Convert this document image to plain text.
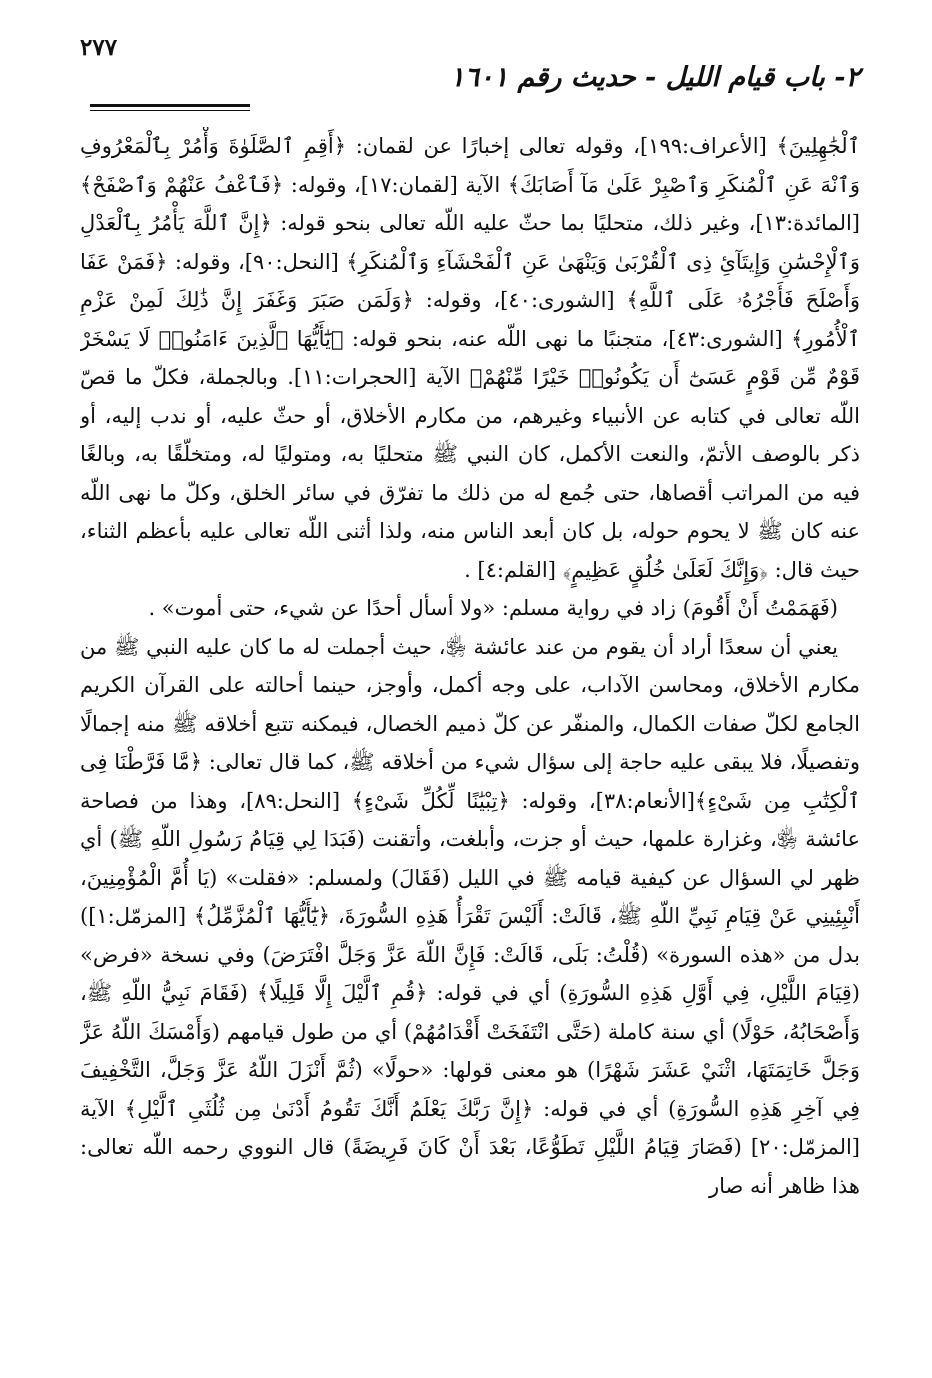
٢- باب قيام الليل - حديث رقم ١٦٠١
٢٧٧

ٱلْجَٰهِلِينَ﴾ [الأعراف:١٩٩]، وقوله تعالى إخبارًا عن لقمان: ﴿أَقِمِ ٱلصَّلَوٰةَ وَأْمُرْ بِٱلْمَعْرُوفِ وَٱنْهَ عَنِ ٱلْمُنكَرِ وَٱصْبِرْ عَلَىٰ مَآ أَصَابَكَ﴾ الآية [لقمان:١٧]، وقوله: ﴿فَٱعْفُ عَنْهُمْ وَٱصْفَحْ﴾ [المائدة:١٣]، وغير ذلك، متحليًا بما حثّ عليه اللّه تعالى بنحو قوله: ﴿إِنَّ ٱللَّهَ يَأْمُرُ بِٱلْعَدْلِ وَٱلْإِحْسَٰنِ وَإِيتَآئِ ذِى ٱلْقُرْبَىٰ وَيَنْهَىٰ عَنِ ٱلْفَحْشَآءِ وَٱلْمُنكَرِ﴾ [النحل:٩٠]، وقوله: ﴿فَمَنْ عَفَا وَأَصْلَحَ فَأَجْرُهُۥ عَلَى ٱللَّهِ﴾ [الشورى:٤٠]، وقوله: ﴿وَلَمَن صَبَرَ وَغَفَرَ إِنَّ ذَٰلِكَ لَمِنْ عَزْمِ ٱلْأُمُورِ﴾ [الشورى:٤٣]، متجنبًا ما نهى اللّه عنه، بنحو قوله: ﴿يَٰٓأَيُّهَا ٱلَّذِينَ ءَامَنُوا۟ لَا يَسْخَرْ قَوْمٌ مِّن قَوْمٍ عَسَىٰٓ أَن يَكُونُوا۟ خَيْرًا مِّنْهُمْ﴾ الآية [الحجرات:١١]. وبالجملة، فكلّ ما قصّ اللّه تعالى في كتابه عن الأنبياء وغيرهم، من مكارم الأخلاق، أو حثّ عليه، أو ندب إليه، أو ذكر بالوصف الأتمّ، والنعت الأكمل، كان النبي ﷺ متحليًا به، ومتوليًا له، ومتخلّقًا به، وبالغًا فيه من المراتب أقصاها، حتى جُمع له من ذلك ما تفرّق في سائر الخلق، وكلّ ما نهى اللّه عنه كان ﷺ لا يحوم حوله، بل كان أبعد الناس منه، ولذا أثنى اللّه تعالى عليه بأعظم الثناء، حيث قال: ﴿وَإِنَّكَ لَعَلَىٰ خُلُقٍ عَظِيمٍ﴾ [القلم:٤] .

(فَهَمَمْتُ أَنْ أَقُومَ) زاد في رواية مسلم: «ولا أسأل أحدًا عن شيء، حتى أموت» .

يعني أن سعدًا أراد أن يقوم من عند عائشة ﵂، حيث أجملت له ما كان عليه النبي ﷺ من مكارم الأخلاق، ومحاسن الآداب، على وجه أكمل، وأوجز، حينما أحالته على القرآن الكريم الجامع لكلّ صفات الكمال، والمنفّر عن كلّ ذميم الخصال، فيمكنه تتبع أخلاقه ﷺ منه إجمالًا وتفصيلًا، فلا يبقى عليه حاجة إلى سؤال شيء من أخلاقه ﷺ، كما قال تعالى: ﴿مَّا فَرَّطْنَا فِى ٱلْكِتَٰبِ مِن شَىْءٍ﴾[الأنعام:٣٨]، وقوله: ﴿تِبْيَٰنًا لِّكُلِّ شَىْءٍ﴾ [النحل:٨٩]، وهذا من فصاحة عائشة ﵂، وغزارة علمها، حيث أو جزت، وأبلغت، وأتقنت (فَبَدَا لِي قِيَامُ رَسُولِ اللّهِ ﷺ) أي ظهر لي السؤال عن كيفية قيامه ﷺ في الليل (فَقَالَ) ولمسلم: «فقلت» (يَا أُمَّ الْمُؤْمِنِينَ، أَنْبِئِينِي عَنْ قِيَامِ نَبِيِّ اللّهِ ﷺ، قَالَتْ: أَلَيْسَ تَقْرَأُ هَذِهِ السُّورَةَ، ﴿يَٰٓأَيُّهَا ٱلْمُزَّمِّلُ﴾ [المزمّل:١]) بدل من «هذه السورة» (قُلْتُ: بَلَى، قَالَتْ: فَإِنَّ اللّهَ عَزَّ وَجَلَّ افْتَرَضَ) وفي نسخة «فرض» (قِيَامَ اللَّيْلِ، فِي أَوَّلِ هَذِهِ السُّورَةِ) أي في قوله: ﴿قُمِ ٱلَّيْلَ إِلَّا قَلِيلًا﴾ (فَقَامَ نَبِيُّ اللّهِ ﷺ، وَأَصْحَابُهُ، حَوْلًا) أي سنة كاملة (حَتَّى انْتَفَخَتْ أَقْدَامُهُمْ) أي من طول قيامهم (وَأَمْسَكَ اللّهُ عَزَّ وَجَلَّ خَاتِمَتَهَا، اثْنَيْ عَشَرَ شَهْرًا) هو معنى قولها: «حولًا» (ثُمَّ أَنْزَلَ اللّهُ عَزَّ وَجَلَّ، التَّخْفِيفَ فِي آخِرِ هَذِهِ السُّورَةِ) أي في قوله: ﴿إِنَّ رَبَّكَ يَعْلَمُ أَنَّكَ تَقُومُ أَدْنَىٰ مِن ثُلُثَىِ ٱلَّيْلِ﴾ الآية [المزمّل:٢٠] (فَصَارَ قِيَامُ اللَّيْلِ تَطَوُّعًا، بَعْدَ أَنْ كَانَ فَرِيضَةً) قال النووي رحمه اللّه تعالى: هذا ظاهر أنه صار
